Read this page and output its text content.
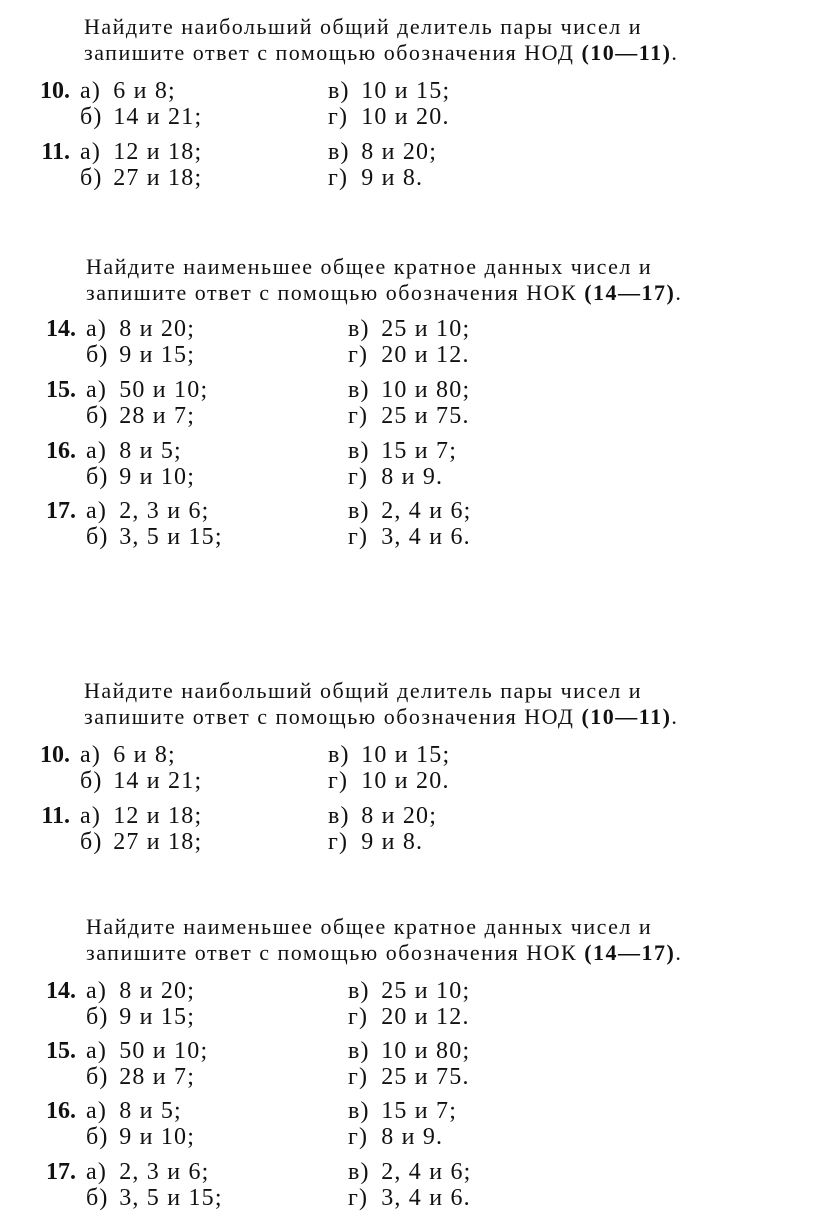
Найдите наибольший общий делитель пары чисел и
запишите ответ с помощью обозначения НОД (10—11).
10. а) 6 и 8;	в) 10 и 15;
б) 14 и 21;	г) 10 и 20.
11. а) 12 и 18;	в) 8 и 20;
б) 27 и 18;	г) 9 и 8.
Найдите наименьшее общее кратное данных чисел и
запишите ответ с помощью обозначения НОК (14—17).
14. а) 8 и 20;	в) 25 и 10;
б) 9 и 15;	г) 20 и 12.
15. а) 50 и 10;	в) 10 и 80;
б) 28 и 7;	г) 25 и 75.
16. а) 8 и 5;	в) 15 и 7;
б) 9 и 10;	г) 8 и 9.
17. а) 2, 3 и 6;	в) 2, 4 и 6;
б) 3, 5 и 15;	г) 3, 4 и 6.
Найдите наибольший общий делитель пары чисел и
запишите ответ с помощью обозначения НОД (10—11).
10. а) 6 и 8;	в) 10 и 15;
б) 14 и 21;	г) 10 и 20.
11. а) 12 и 18;	в) 8 и 20;
б) 27 и 18;	г) 9 и 8.
Найдите наименьшее общее кратное данных чисел и
запишите ответ с помощью обозначения НОК (14—17).
14. а) 8 и 20;	в) 25 и 10;
б) 9 и 15;	г) 20 и 12.
15. а) 50 и 10;	в) 10 и 80;
б) 28 и 7;	г) 25 и 75.
16. а) 8 и 5;	в) 15 и 7;
б) 9 и 10;	г) 8 и 9.
17. а) 2, 3 и 6;	в) 2, 4 и 6;
б) 3, 5 и 15;	г) 3, 4 и 6.
